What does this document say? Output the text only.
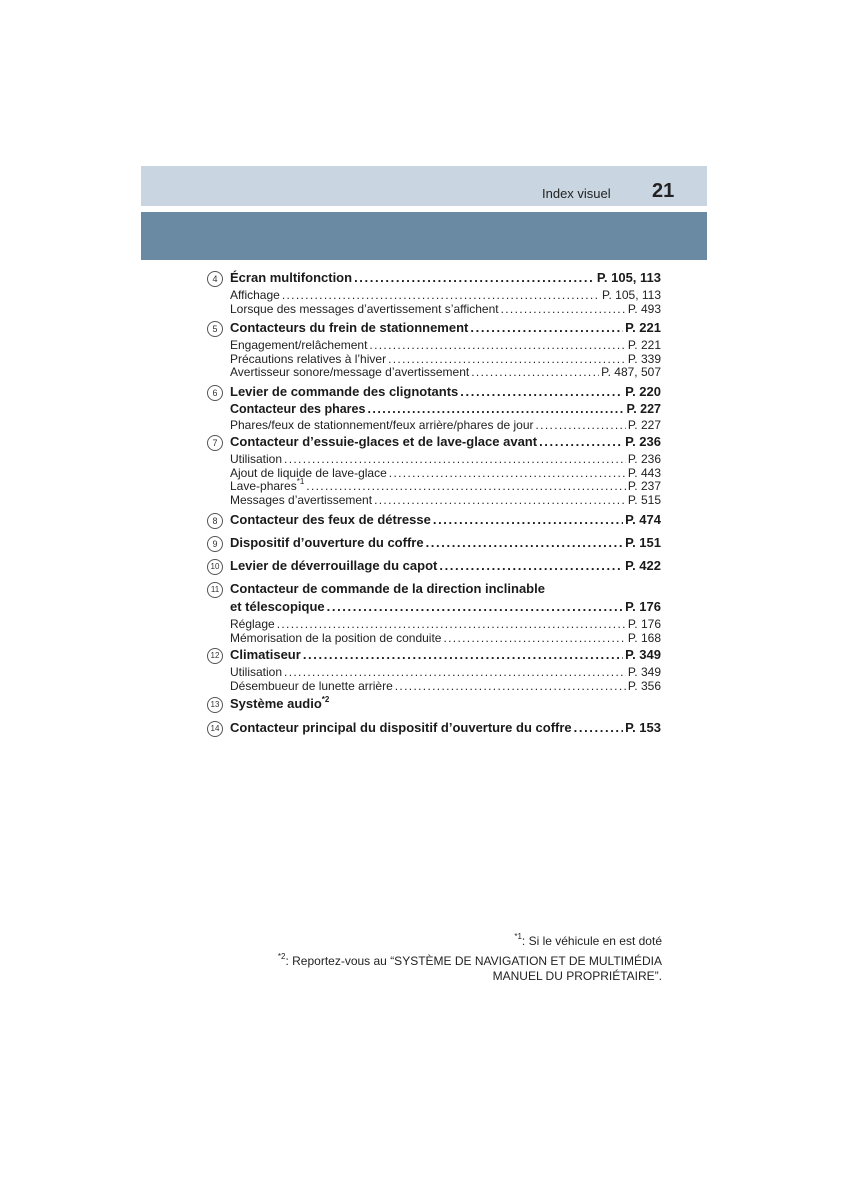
Index visuel 21
4 Écran multifonction . . .	P. 105, 113
Affichage . . .	P. 105, 113
Lorsque des messages d’avertissement s’affichent . . .	P. 493
5 Contacteurs du frein de stationnement . . .	P. 221
Engagement/relâchement . . .	P. 221
Précautions relatives à l’hiver . . .	P. 339
Avertisseur sonore/message d’avertissement . . .	P. 487, 507
6 Levier de commande des clignotants . . .	P. 220
Contacteur des phares . . .	P. 227
Phares/feux de stationnement/feux arrière/phares de jour . . .	P. 227
7 Contacteur d’essuie-glaces et de lave-glace avant . . .	P. 236
Utilisation . . .	P. 236
Ajout de liquide de lave-glace . . .	P. 443
Lave-phares$^{*1}$ . . .	P. 237
Messages d’avertissement . . .	P. 515
8 Contacteur des feux de détresse . . .	P. 474
9 Dispositif d’ouverture du coffre . . .	P. 151
10 Levier de déverrouillage du capot . . .	P. 422
11 Contacteur de commande de la direction inclinable
et télescopique . . .	P. 176
Réglage . . .	P. 176
Mémorisation de la position de conduite . . .	P. 168
12 Climatiseur . . .	P. 349
Utilisation . . .	P. 349
Désembueur de lunette arrière . . .	P. 356
13 Système audio$^{*2}$
14 Contacteur principal du dispositif d’ouverture du coffre . . .	P. 153
$^{*1}$: Si le véhicule en est doté
$^{*2}$: Reportez-vous au “SYSTÈME DE NAVIGATION ET DE MULTIMÉDIA
MANUEL DU PROPRIÉTAIRE”.
